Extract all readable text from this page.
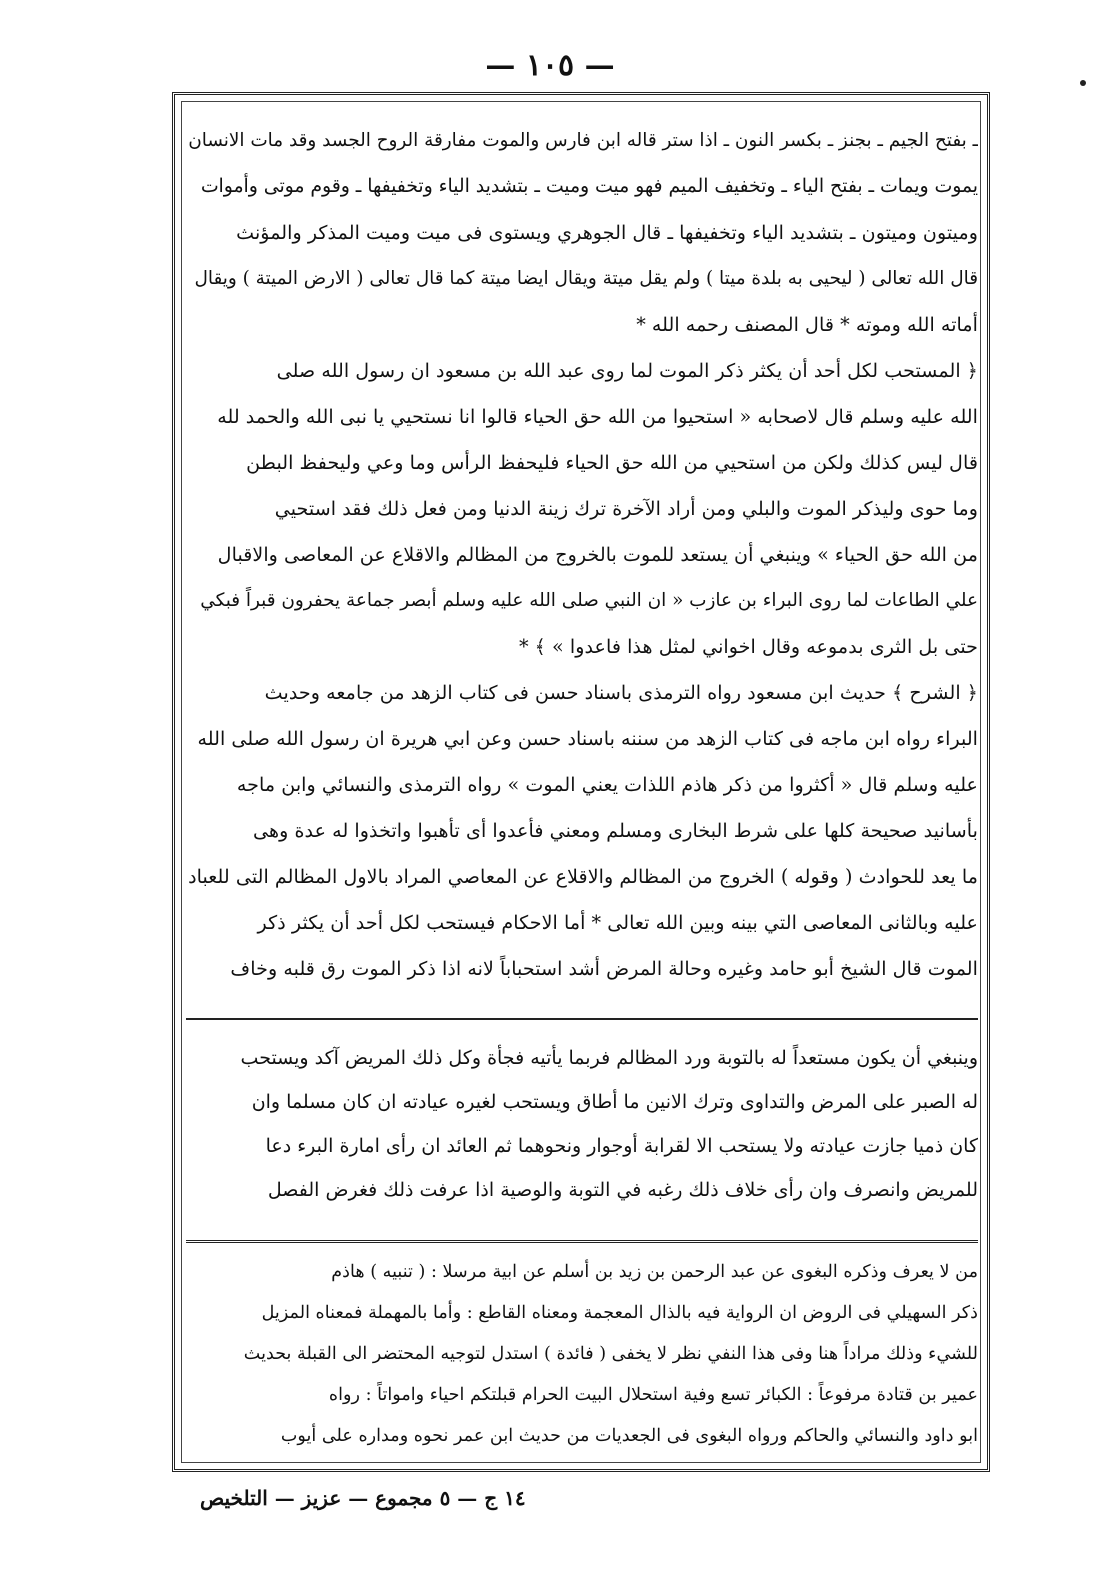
— ١٠٥ —
ـ بفتح الجيم ـ بجنز ـ بكسر النون ـ اذا ستر قاله ابن فارس والموت مفارقة الروح الجسد وقد مات الانسان
يموت ويمات ـ بفتح الياء ـ وتخفيف الميم فهو ميت وميت ـ بتشديد الياء وتخفيفها ـ وقوم موتى وأموات
وميتون وميتون ـ بتشديد الياء وتخفيفها ـ قال الجوهري ويستوى فى ميت وميت المذكر والمؤنث
قال الله تعالى ( ليحيى به بلدة ميتا ) ولم يقل ميتة ويقال ايضا ميتة كما قال تعالى ( الارض الميتة ) ويقال
أماته الله وموته * قال المصنف رحمه الله *
﴿ المستحب لكل أحد أن يكثر ذكر الموت لما روى عبد الله بن مسعود ان رسول الله صلى
الله عليه وسلم قال لاصحابه « استحيوا من الله حق الحياء قالوا انا نستحيي يا نبى الله والحمد لله
قال ليس كذلك ولكن من استحيي من الله حق الحياء فليحفظ الرأس وما وعي وليحفظ البطن
وما حوى وليذكر الموت والبلي ومن أراد الآخرة ترك زينة الدنيا ومن فعل ذلك فقد استحيي
من الله حق الحياء » وينبغي أن يستعد للموت بالخروج من المظالم والاقلاع عن المعاصى والاقبال
علي الطاعات لما روى البراء بن عازب « ان النبي صلى الله عليه وسلم أبصر جماعة يحفرون قبراً فبكي
حتى بل الثرى بدموعه وقال اخواني لمثل هذا فاعدوا » ﴾ *
﴿ الشرح ﴾ حديث ابن مسعود رواه الترمذى باسناد حسن فى كتاب الزهد من جامعه وحديث
البراء رواه ابن ماجه فى كتاب الزهد من سننه باسناد حسن وعن ابي هريرة ان رسول الله صلى الله
عليه وسلم قال « أكثروا من ذكر هاذم اللذات يعني الموت » رواه الترمذى والنسائي وابن ماجه
بأسانيد صحيحة كلها على شرط البخارى ومسلم ومعني فأعدوا أى تأهبوا واتخذوا له عدة وهى
ما يعد للحوادث ( وقوله ) الخروج من المظالم والاقلاع عن المعاصي المراد بالاول المظالم التى للعباد
عليه وبالثانى المعاصى التي بينه وبين الله تعالى * أما الاحكام فيستحب لكل أحد أن يكثر ذكر
الموت قال الشيخ أبو حامد وغيره وحالة المرض أشد استحباباً لانه اذا ذكر الموت رق قلبه وخاف
وينبغي أن يكون مستعداً له بالتوبة ورد المظالم فربما يأتيه فجأة وكل ذلك المريض آكد ويستحب
له الصبر على المرض والتداوى وترك الانين ما أطاق ويستحب لغيره عيادته ان كان مسلما وان
كان ذميا جازت عيادته ولا يستحب الا لقرابة أوجوار ونحوهما ثم العائد ان رأى امارة البرء دعا
للمريض وانصرف وان رأى خلاف ذلك رغبه في التوبة والوصية اذا عرفت ذلك فغرض الفصل
من لا يعرف وذكره البغوى عن عبد الرحمن بن زيد بن أسلم عن ابية مرسلا : ( تنبيه ) هاذم
ذكر السهيلي فى الروض ان الرواية فيه بالذال المعجمة ومعناه القاطع : وأما بالمهملة فمعناه المزيل
للشيء وذلك مراداً هنا وفى هذا النفي نظر لا يخفى ( فائدة ) استدل لتوجيه المحتضر الى القبلة بحديث
عمير بن قتادة مرفوعاً : الكبائر تسع وفية استحلال البيت الحرام قبلتكم احياء وامواتاً : رواه
ابو داود والنسائي والحاكم ورواه البغوى فى الجعديات من حديث ابن عمر نحوه ومداره على أيوب
١٤ ج — ٥ مجموع — عزيز — التلخيص
